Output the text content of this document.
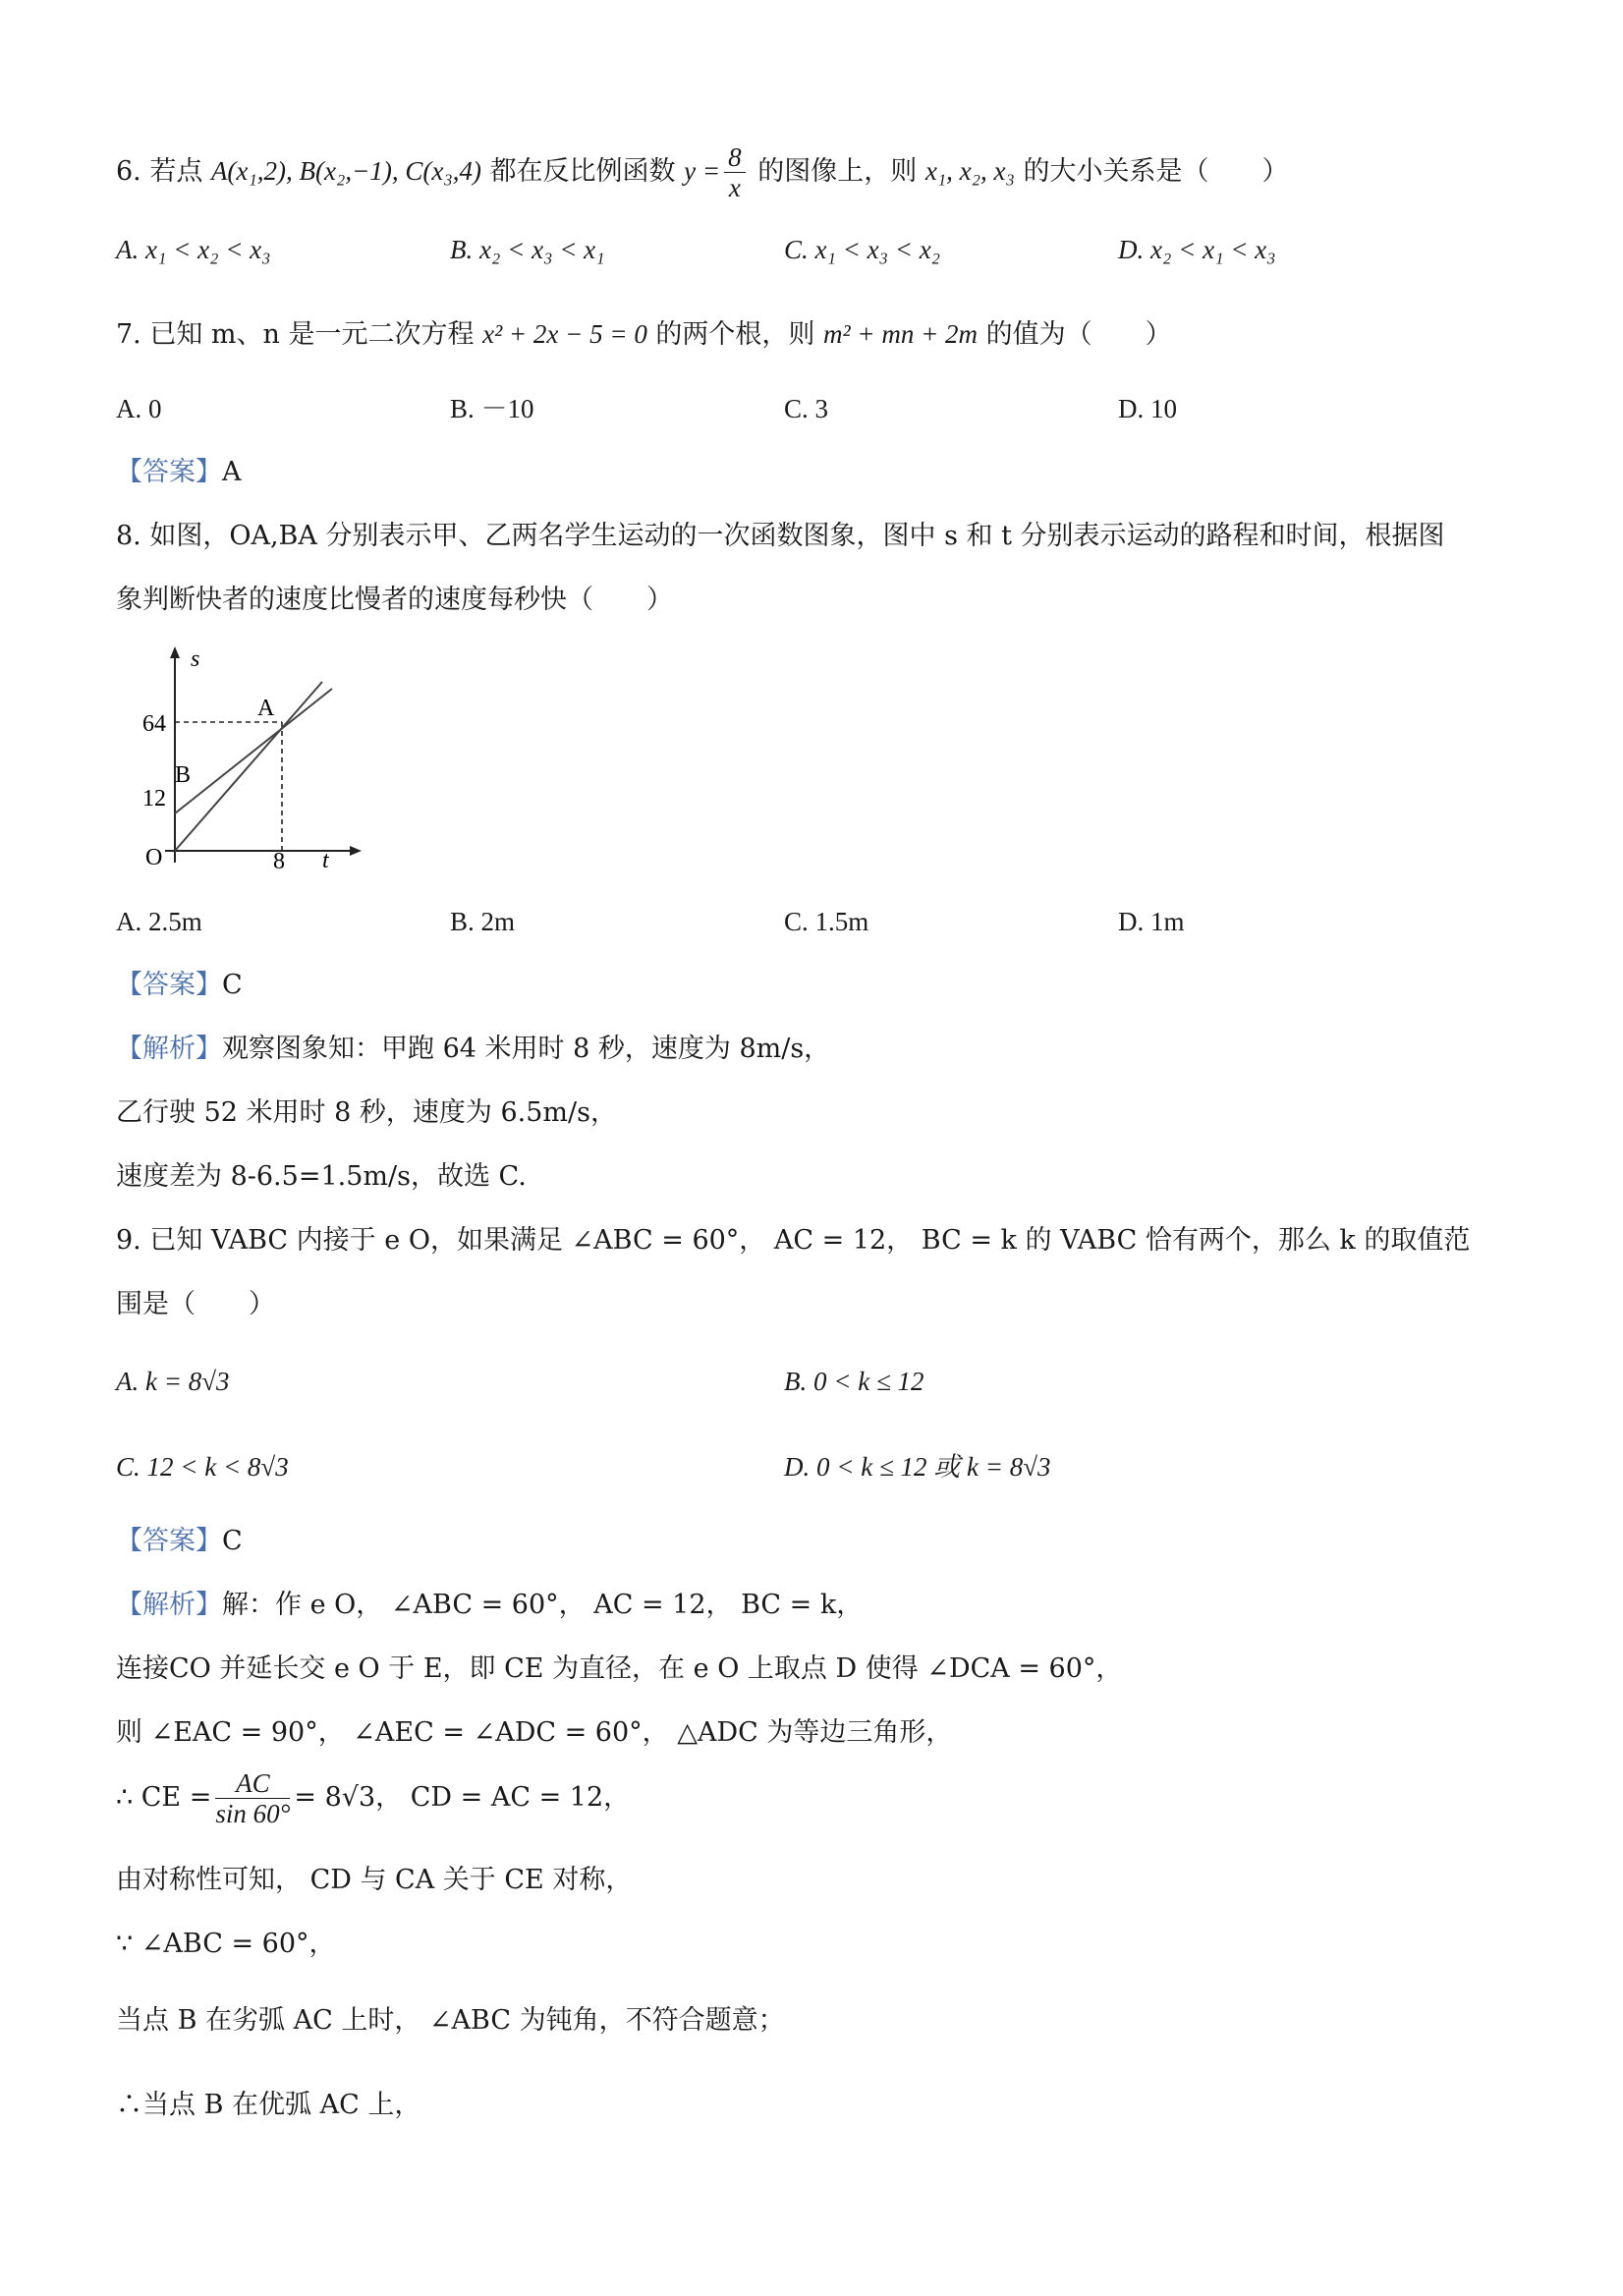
6. 若点 A(x₁,2), B(x₂,−1), C(x₃,4) 都在反比例函数 $y = \frac{8}{x}$ 的图像上，则 x₁, x₂, x₃ 的大小关系是（　　）
A. x₁ < x₂ < x₃	B. x₂ < x₃ < x₁	C. x₁ < x₃ < x₂	D. x₂ < x₁ < x₃
7. 已知 m、n 是一元二次方程 x² + 2x − 5 = 0 的两个根，则 m² + mn + 2m 的值为（　　）
A. 0	B. －10	C. 3	D. 10
【答案】A
8. 如图，OA,BA 分别表示甲、乙两名学生运动的一次函数图象，图中 s 和 t 分别表示运动的路程和时间，根据图
象判断快者的速度比慢者的速度每秒快（　　）
s
t
O
64
12
8
A
B
A. 2.5m	B. 2m	C. 1.5m	D. 1m
【答案】C
【解析】观察图象知：甲跑 64 米用时 8 秒，速度为 8m/s，
乙行驶 52 米用时 8 秒，速度为 6.5m/s，
速度差为 8-6.5=1.5m/s，故选 C.
9. 已知 VABC 内接于 e O，如果满足 ∠ABC = 60°， AC = 12， BC = k 的 VABC 恰有两个，那么 k 的取值范
围是（　　）
A. k = 8√3	B. 0 < k ≤ 12
C. 12 < k < 8√3	D. 0 < k ≤ 12 或 k = 8√3
【答案】C
【解析】解：作 e O， ∠ABC = 60°， AC = 12， BC = k，
连接CO 并延长交 e O 于 E，即 CE 为直径，在 e O 上取点 D 使得 ∠DCA = 60°，
则 ∠EAC = 90°， ∠AEC = ∠ADC = 60°， △ADC 为等边三角形，
∴ CE = $\frac{AC}{\sin 60^\circ} = 8√3$， CD = AC = 12，
由对称性可知， CD 与 CA 关于 CE 对称，
∵ ∠ABC = 60°，
当点 B 在劣弧 AC 上时， ∠ABC 为钝角，不符合题意；
∴当点 B 在优弧 AC 上，
